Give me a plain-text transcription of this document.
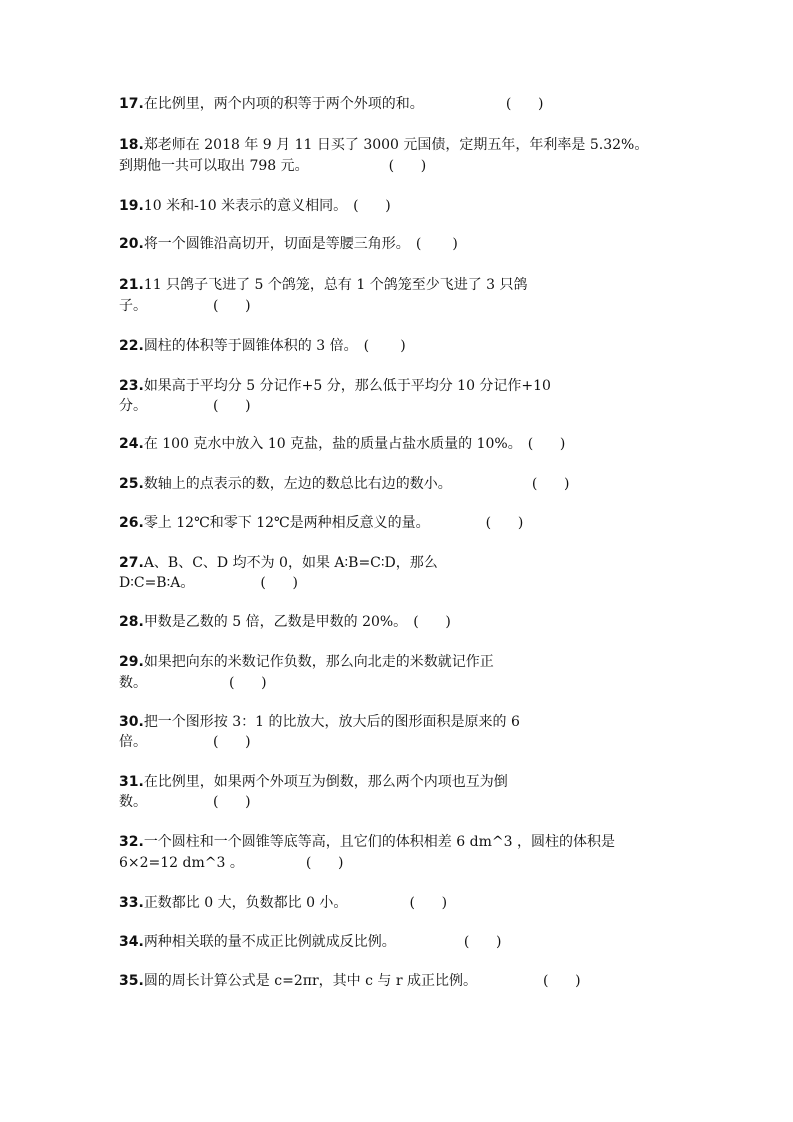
17.在比例里，两个内项的积等于两个外项的和。	(      )
18.郑老师在 2018 年 9 月 11 日买了 3000 元国债，定期五年，年利率是 5.32%。
到期他一共可以取出 798 元。	(      )
19.10 米和-10 米表示的意义相同。 (      )
20.将一个圆锥沿高切开，切面是等腰三角形。 (       )
21.11 只鸽子飞进了 5 个鸽笼，总有 1 个鸽笼至少飞进了 3 只鸽
子。	(      )
22.圆柱的体积等于圆锥体积的 3 倍。 (       )
23.如果高于平均分 5 分记作+5 分，那么低于平均分 10 分记作+10
分。	(      )
24.在 100 克水中放入 10 克盐，盐的质量占盐水质量的 10%。 (      )
25.数轴上的点表示的数，左边的数总比右边的数小。	(      )
26.零上 12℃和零下 12℃是两种相反意义的量。	(      )
27.A、B、C、D 均不为 0，如果 A∶B=C∶D，那么
D∶C=B∶A。	(      )
28.甲数是乙数的 5 倍，乙数是甲数的 20%。 (      )
29.如果把向东的米数记作负数，那么向北走的米数就记作正
数。	(      )
30.把一个图形按 3：1 的比放大，放大后的图形面积是原来的 6
倍。	(      )
31.在比例里，如果两个外项互为倒数，那么两个内项也互为倒
数。	(      )
32.一个圆柱和一个圆锥等底等高，且它们的体积相差 6 dm^3 ，圆柱的体积是
6×2=12 dm^3 。	(      )
33.正数都比 0 大，负数都比 0 小。	(      )
34.两种相关联的量不成正比例就成反比例。	(      )
35.圆的周长计算公式是 c=2πr，其中 c 与 r 成正比例。	(      )
